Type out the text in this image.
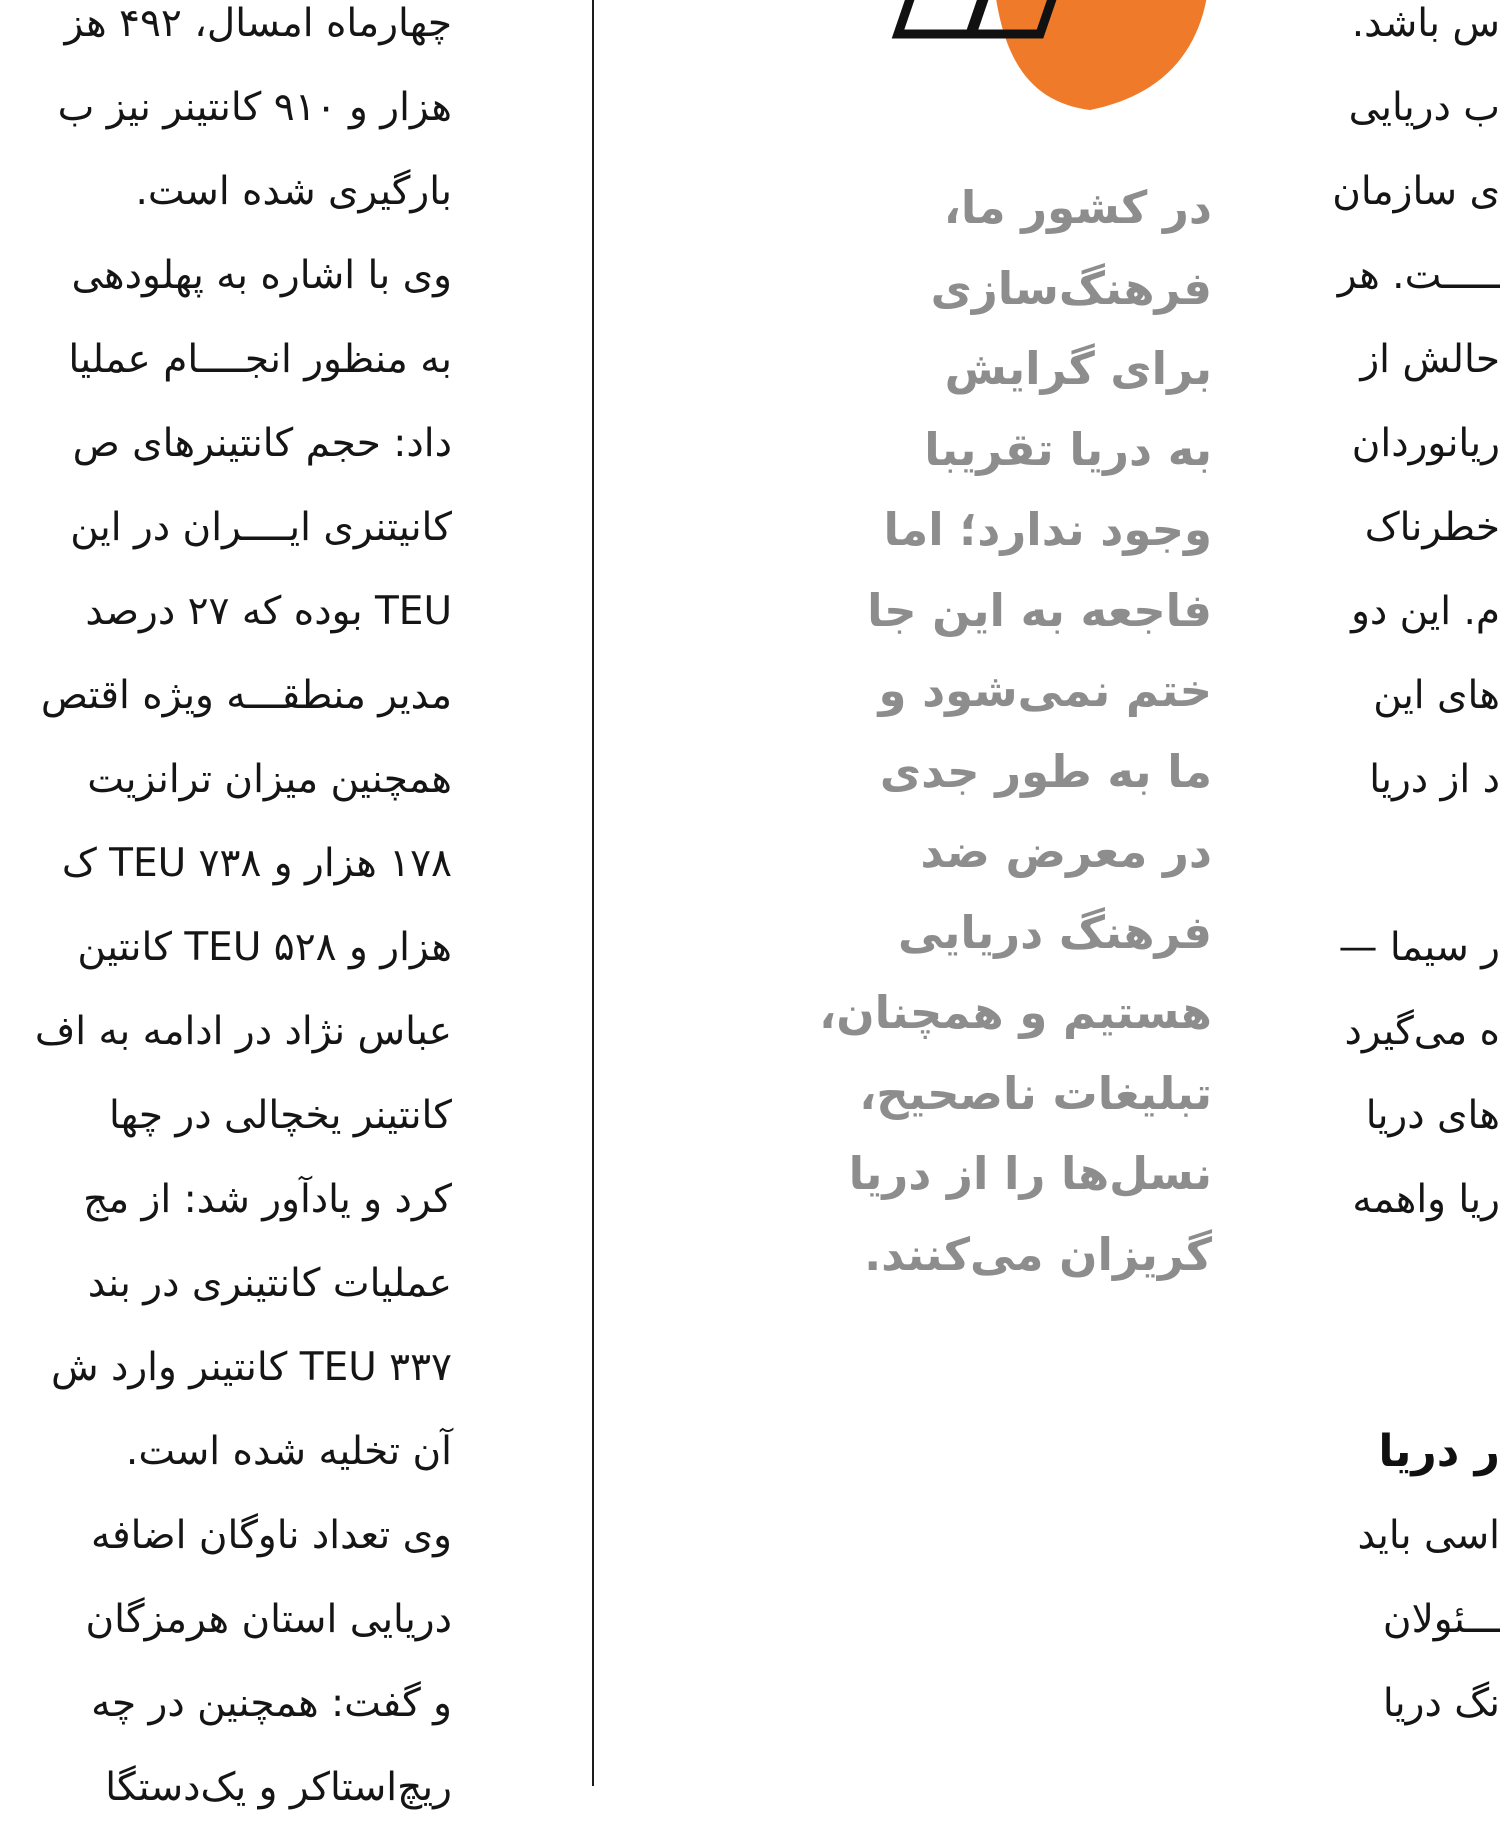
چهارماه امسال، ۴۹۲ هز
هزار و ۹۱۰ کانتینر نیز ب
بارگیری شده است.
وی با اشاره به پهلودهی
به منظور انجــــام عملیا
داد: حجم کانتینرهای ص
کانیتنری ایــــران در این
TEU بوده که ۲۷ درصد
مدیر منطقـــه ویژه اقتص
همچنین میزان ترانزیت
۱۷۸ هزار و TEU ۷۳۸ ک
هزار و TEU ۵۲۸ کانتین
عباس نژاد در ادامه به اف
کانتینر یخچالی در چها
کرد و یادآور شد: از مج
عملیات کانتینری در بند
TEU ۳۳۷ کانتینر وارد ش
آن تخلیه شده است.
وی تعداد ناوگان اضافه
دریایی استان هرمزگان
و گفت: همچنین در چه
ریچ‌استاکر و یک‌دستگا
در کشور ما،
فرهنگ‌سازی
برای گرایش
به دریا تقریبا
وجود ندارد؛ اما
فاجعه به این جا
ختم نمی‌شود و
ما به طور جدی
در معرض ضد
فرهنگ دریایی
هستیم و همچنان،
تبلیغات ناصحیح،
نسل‌ها را از دریا
گریزان می‌کنند.
س باشد.
ب دریایی
ی سازمان
ـــــت. هر
حالش از
ریانوردان
خطرناک
م. این دو
های این
د از دریا
ر سیما —
ه می‌گیرد
های دریا
ریا واهمه
ر دریا
اسی باید
ـــئولان
نگ دریا
